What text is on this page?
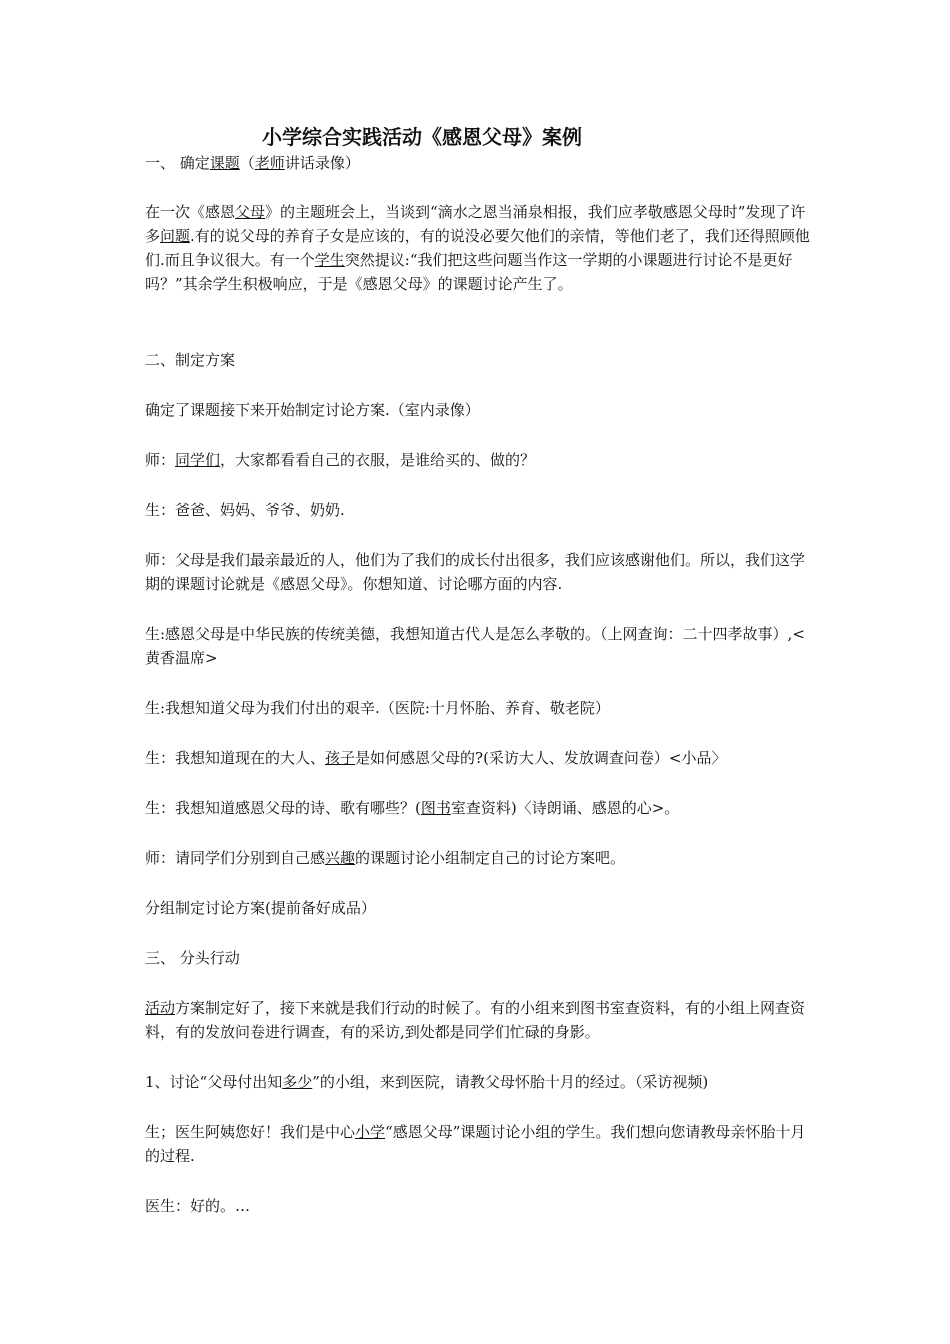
小学综合实践活动《感恩父母》案例

一、 确定课题（老师讲话录像）

在一次《感恩父母》的主题班会上，当谈到“滴水之恩当涌泉相报，我们应孝敬感恩父母时”发现了许多问题.有的说父母的养育子女是应该的，有的说没必要欠他们的亲情，等他们老了，我们还得照顾他们.而且争议很大。有一个学生突然提议:“我们把这些问题当作这一学期的小课题进行讨论不是更好吗？”其余学生积极响应，于是《感恩父母》的课题讨论产生了。

二、制定方案

确定了课题接下来开始制定讨论方案.（室内录像）

师：同学们，大家都看看自己的衣服，是谁给买的、做的？

生：爸爸、妈妈、爷爷、奶奶.

师：父母是我们最亲最近的人，他们为了我们的成长付出很多，我们应该感谢他们。所以，我们这学期的课题讨论就是《感恩父母》。你想知道、讨论哪方面的内容.

生:感恩父母是中华民族的传统美德，我想知道古代人是怎么孝敬的。（上网查询：二十四孝故事）,<黄香温席>

生:我想知道父母为我们付出的艰辛.（医院:十月怀胎、养育、敬老院）

生：我想知道现在的大人、孩子是如何感恩父母的?(采访大人、发放调查问卷）<小品〉

生：我想知道感恩父母的诗、歌有哪些？(图书室查资料)〈诗朗诵、感恩的心>。

师：请同学们分别到自己感兴趣的课题讨论小组制定自己的讨论方案吧。

分组制定讨论方案(提前备好成品）

三、 分头行动

活动方案制定好了，接下来就是我们行动的时候了。有的小组来到图书室查资料，有的小组上网查资料，有的发放问卷进行调查，有的采访,到处都是同学们忙碌的身影。

1、讨论“父母付出知多少”的小组，来到医院，请教父母怀胎十月的经过。（采访视频)

生；医生阿姨您好！我们是中心小学“感恩父母”课题讨论小组的学生。我们想向您请教母亲怀胎十月的过程.

医生：好的。…
